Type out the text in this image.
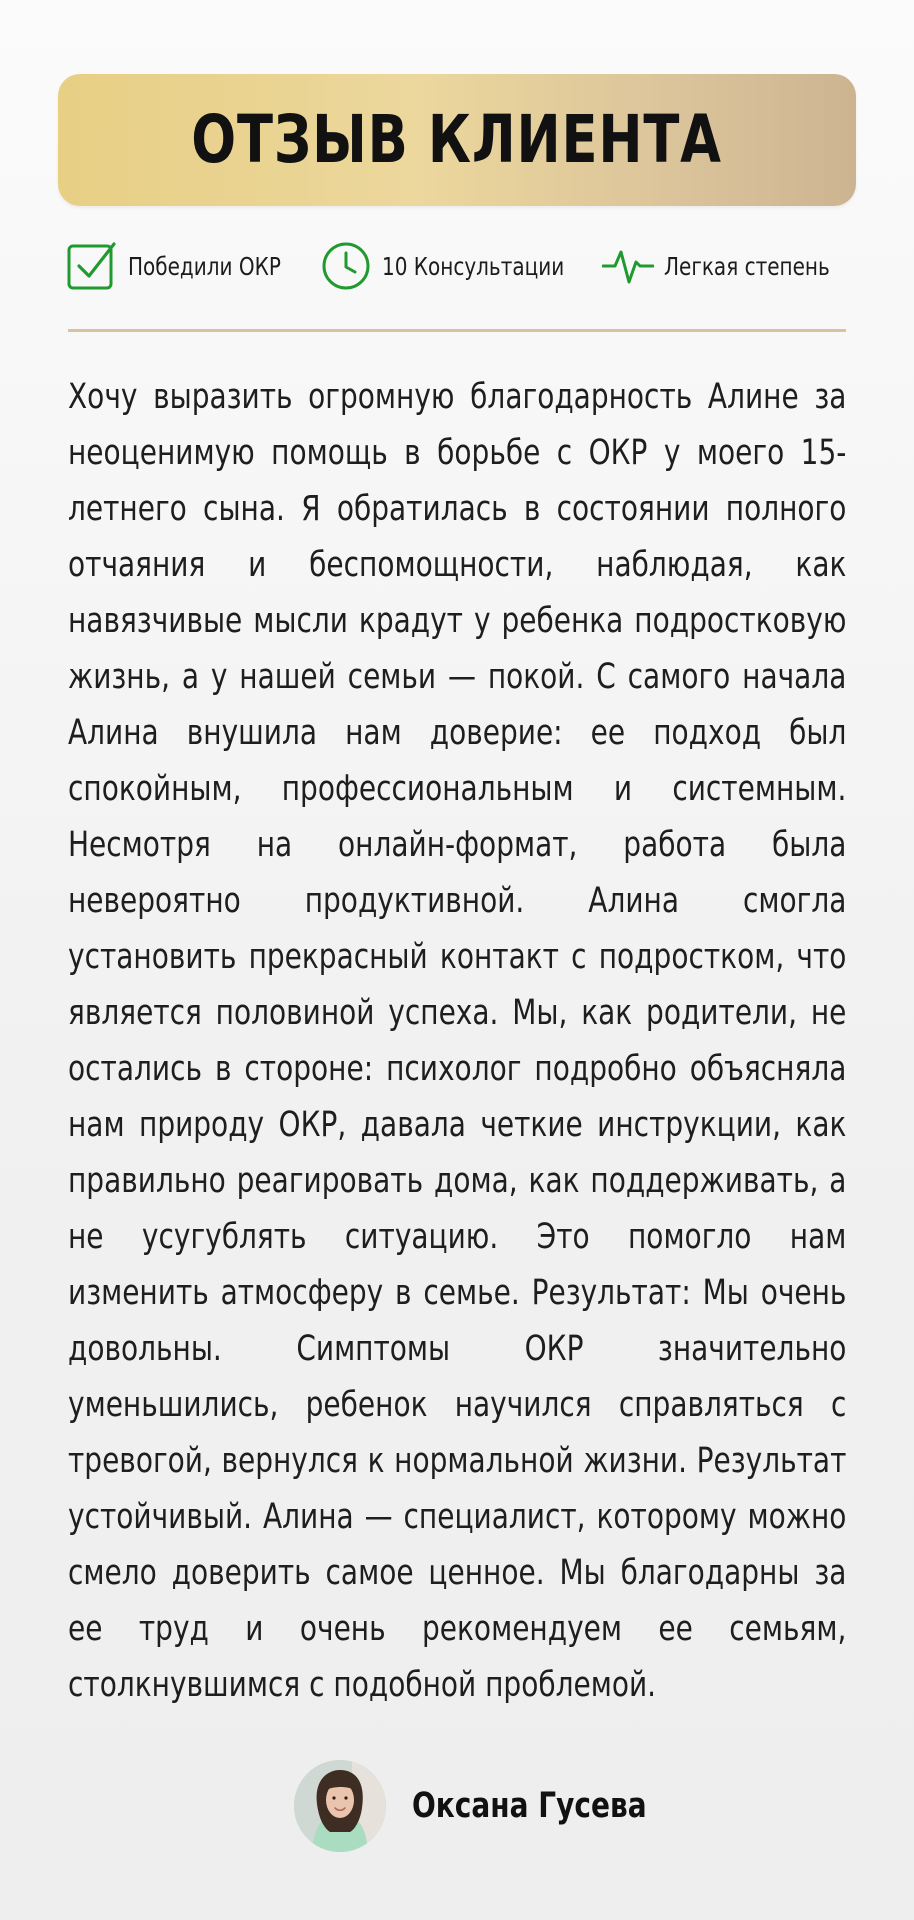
ОТЗЫВ КЛИЕНТА
Победили ОКР	10 Консультации	Легкая степень
Хочу выразить огромную благодарность Алине за неоценимую помощь в борьбе с ОКР у моего 15-летнего сына. Я обратилась в состоянии полного отчаяния и беспомощности, наблюдая, как навязчивые мысли крадут у ребенка подростковую жизнь, а у нашей семьи — покой. С самого начала Алина внушила нам доверие: ее подход был спокойным, профессиональным и системным. Несмотря на онлайн-формат, работа была невероятно продуктивной. Алина смогла установить прекрасный контакт с подростком, что является половиной успеха. Мы, как родители, не остались в стороне: психолог подробно объясняла нам природу ОКР, давала четкие инструкции, как правильно реагировать дома, как поддерживать, а не усугублять ситуацию. Это помогло нам изменить атмосферу в семье. Результат: Мы очень довольны. Симптомы ОКР значительно уменьшились, ребенок научился справляться с тревогой, вернулся к нормальной жизни. Результат устойчивый. Алина — специалист, которому можно смело доверить самое ценное. Мы благодарны за ее труд и очень рекомендуем ее семьям, столкнувшимся с подобной проблемой.
Оксана Гусева
